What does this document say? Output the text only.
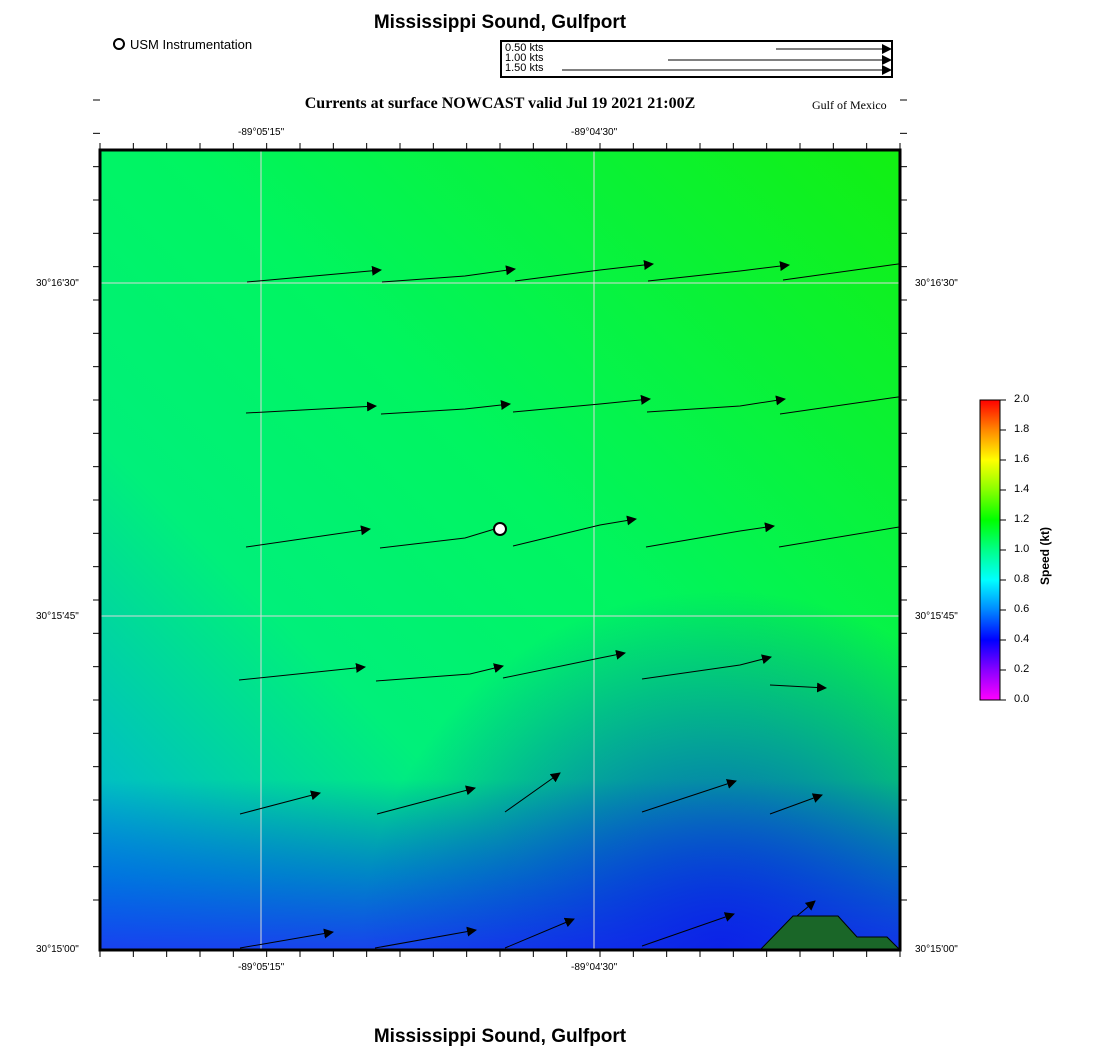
Mississippi Sound, Gulfport
Currents at surface NOWCAST valid Jul 19 2021 21:00Z	Gulf of Mexico
USM Instrumentation	0.50 kts
1.00 kts
1.50 kts
-89°05'15"	-89°04'30"
-89°05'15"	-89°04'30"
30°16'30"
30°15'45"
30°15'00"
30°16'30"
30°15'45"
30°15'00"
2.0
1.8
1.6
1.4
1.2
1.0
0.8
0.6
0.4
0.2
0.0
Speed (kt)
Mississippi Sound, Gulfport
